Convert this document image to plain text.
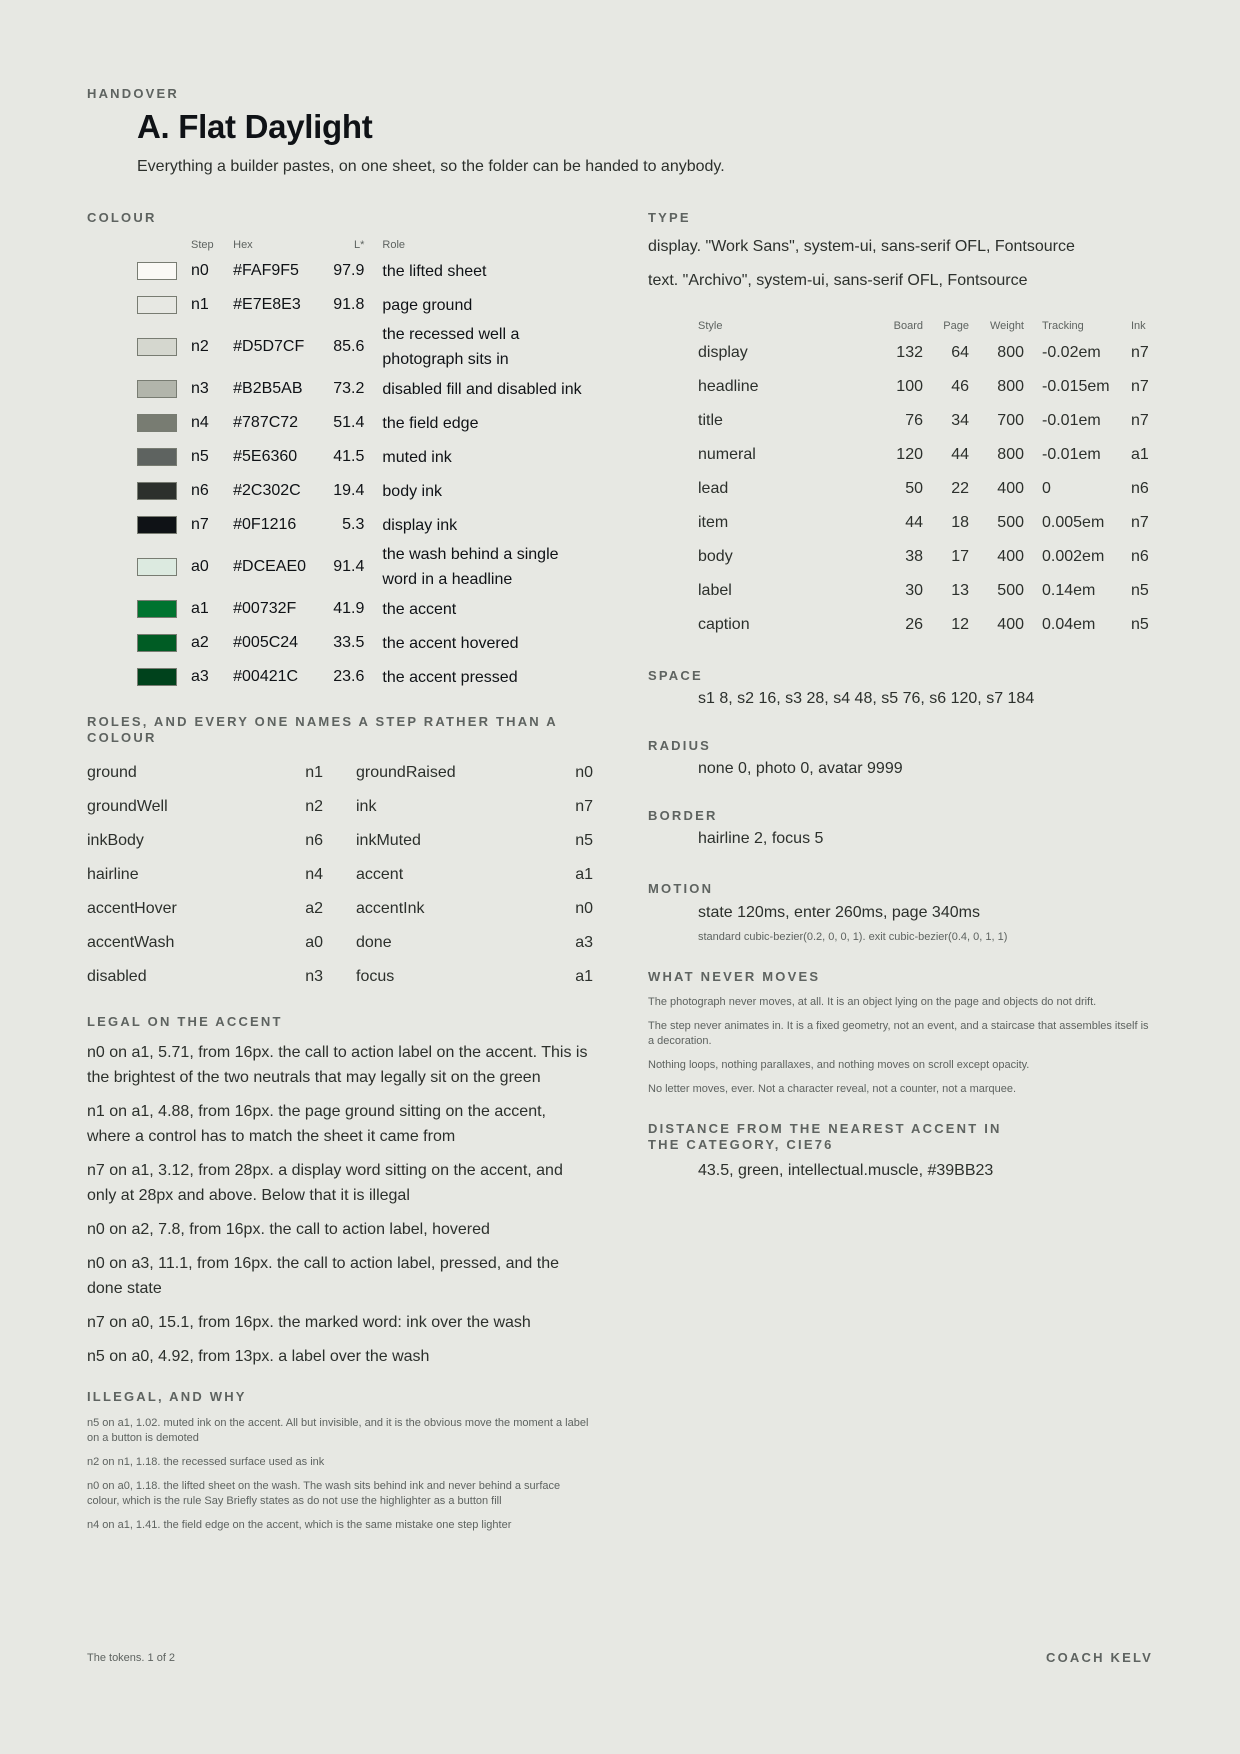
HANDOVER
A. Flat Daylight
Everything a builder pastes, on one sheet, so the folder can be handed to anybody.
COLOUR
Step	Hex	L*	Role
n0	#FAF9F5	97.9	the lifted sheet
n1	#E7E8E3	91.8	page ground
n2	#D5D7CF	85.6
the recessed well a photograph sits in
n3	#B2B5AB	73.2	disabled fill and disabled ink
n4	#787C72	51.4	the field edge
n5	#5E6360	41.5	muted ink
n6	#2C302C	19.4	body ink
n7	#0F1216	5.3	display ink
a0	#DCEAE0	91.4
the wash behind a single word in a headline
a1	#00732F	41.9	the accent
a2	#005C24	33.5	the accent hovered
a3	#00421C	23.6	the accent pressed
ROLES, AND EVERY ONE NAMES A STEP RATHER THAN A COLOUR
ground	n1 groundRaised	n0
groundWell	n2 ink	n7
inkBody	n6 inkMuted	n5
hairline	n4 accent	a1
accentHover	a2 accentInk	n0
accentWash	a0 done	a3
disabled	n3 focus	a1
LEGAL ON THE ACCENT

n0 on a1, 5.71, from 16px. the call to action label on the accent. This is the brightest of the two neutrals that may legally sit on the green

n1 on a1, 4.88, from 16px. the page ground sitting on the accent, where a control has to match the sheet it came from

n7 on a1, 3.12, from 28px. a display word sitting on the accent, and only at 28px and above. Below that it is illegal

n0 on a2, 7.8, from 16px. the call to action label, hovered

n0 on a3, 11.1, from 16px. the call to action label, pressed, and the done state

n7 on a0, 15.1, from 16px. the marked word: ink over the wash

n5 on a0, 4.92, from 13px. a label over the wash

ILLEGAL, AND WHY

n5 on a1, 1.02. muted ink on the accent. All but invisible, and it is the obvious move the moment a label on a button is demoted

n2 on n1, 1.18. the recessed surface used as ink

n0 on a0, 1.18. the lifted sheet on the wash. The wash sits behind ink and never behind a surface colour, which is the rule Say Briefly states as do not use the highlighter as a button fill

n4 on a1, 1.41. the field edge on the accent, which is the same mistake one step lighter

TYPE
display. "Work Sans", system-ui, sans-serif OFL, Fontsource
text. "Archivo", system-ui, sans-serif OFL, Fontsource
Style	Board	Page	Weight	Tracking	Ink
display	132	64	800	-0.02em	n7
headline	100	46	800	-0.015em	n7
title	76	34	700	-0.01em	n7
numeral	120	44	800	-0.01em	a1
lead	50	22	400	0	n6
item	44	18	500	0.005em	n7
body	38	17	400	0.002em	n6
label	30	13	500	0.14em	n5
caption	26	12	400	0.04em	n5
SPACE
s1 8, s2 16, s3 28, s4 48, s5 76, s6 120, s7 184
RADIUS
none 0, photo 0, avatar 9999
BORDER
hairline 2, focus 5
MOTION
state 120ms, enter 260ms, page 340ms
standard cubic-bezier(0.2, 0, 0, 1). exit cubic-bezier(0.4, 0, 1, 1)
WHAT NEVER MOVES

The photograph never moves, at all. It is an object lying on the page and objects do not drift.

The step never animates in. It is a fixed geometry, not an event, and a staircase that assembles itself is a decoration.

Nothing loops, nothing parallaxes, and nothing moves on scroll except opacity.

No letter moves, ever. Not a character reveal, not a counter, not a marquee.

DISTANCE FROM THE NEAREST ACCENT IN THE CATEGORY, CIE76
43.5, green, intellectual.muscle, #39BB23
The tokens. 1 of 2	COACH KELV
